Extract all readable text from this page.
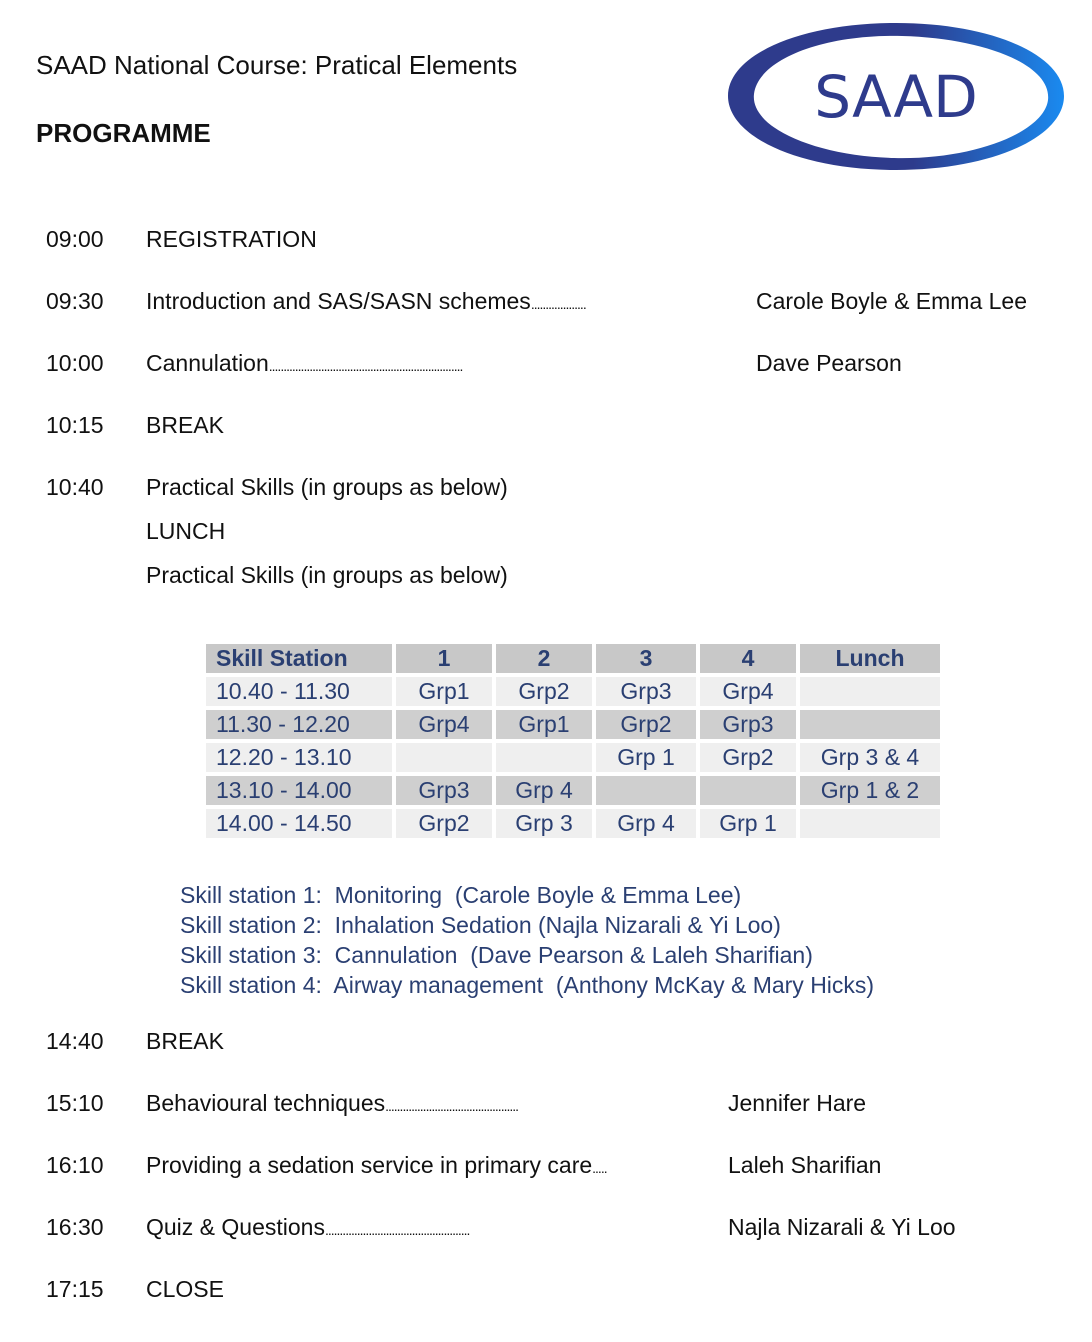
SAAD National Course: Pratical Elements
PROGRAMME
SAAD
09:00 REGISTRATION
09:30 Introduction and SAS/SASN schemes...................	Carole Boyle & Emma Lee
10:00 Cannulation...................................................................	Dave Pearson
10:15 BREAK
10:40 Practical Skills (in groups as below)
LUNCH
Practical Skills (in groups as below)
Skill Station	1	2	3	4	Lunch
10.40 - 11.30	Grp1	Grp2	Grp3	Grp4	
11.30 - 12.20	Grp4	Grp1	Grp2	Grp3	
12.20 - 13.10			Grp 1	Grp2	Grp 3 & 4
13.10 - 14.00	Grp3	Grp 4			Grp 1 & 2
14.00 - 14.50	Grp2	Grp 3	Grp 4	Grp 1	
Skill station 1:  Monitoring  (Carole Boyle & Emma Lee)
Skill station 2:  Inhalation Sedation (Najla Nizarali & Yi Loo)
Skill station 3:  Cannulation  (Dave Pearson & Laleh Sharifian)
Skill station 4:  Airway management  (Anthony McKay & Mary Hicks)
14:40 BREAK
15:10 Behavioural techniques..............................................	Jennifer Hare
16:10 Providing a sedation service in primary care.....	Laleh Sharifian
16:30 Quiz & Questions..................................................	Najla Nizarali & Yi Loo
17:15 CLOSE
